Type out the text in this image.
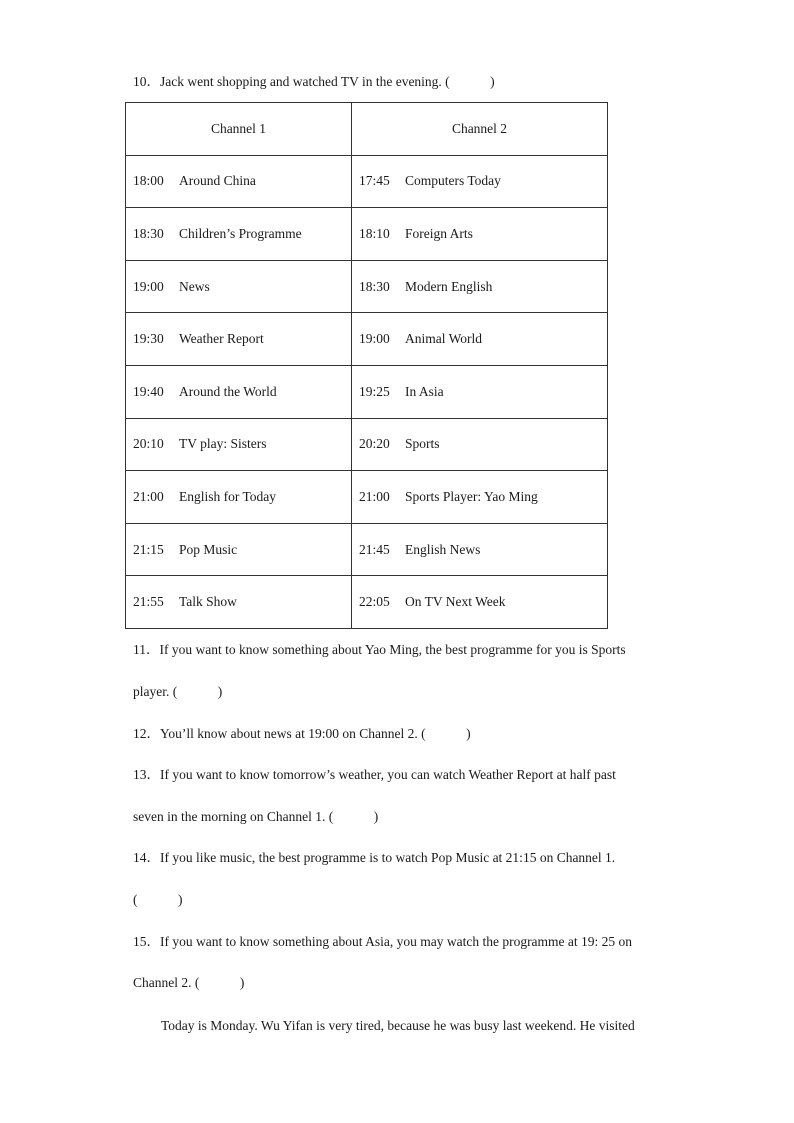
10．Jack went shopping and watched TV in the evening. (　　　)
Channel 1	Channel 2
18:00 Around China	17:45 Computers Today
18:30 Children’s Programme	18:10 Foreign Arts
19:00 News	18:30 Modern English
19:30 Weather Report	19:00 Animal World
19:40 Around the World	19:25 In Asia
20:10 TV play: Sisters	20:20 Sports
21:00 English for Today	21:00 Sports Player: Yao Ming
21:15 Pop Music	21:45 English News
21:55 Talk Show	22:05 On TV Next Week
11．If you want to know something about Yao Ming, the best programme for you is Sports
player. (　　　)
12．You’ll know about news at 19:00 on Channel 2. (　　　)
13．If you want to know tomorrow’s weather, you can watch Weather Report at half past
seven in the morning on Channel 1. (　　　)
14．If you like music, the best programme is to watch Pop Music at 21:15 on Channel 1.
(　　　)
15．If you want to know something about Asia, you may watch the programme at 19: 25 on
Channel 2. (　　　)
Today is Monday. Wu Yifan is very tired, because he was busy last weekend. He visited
